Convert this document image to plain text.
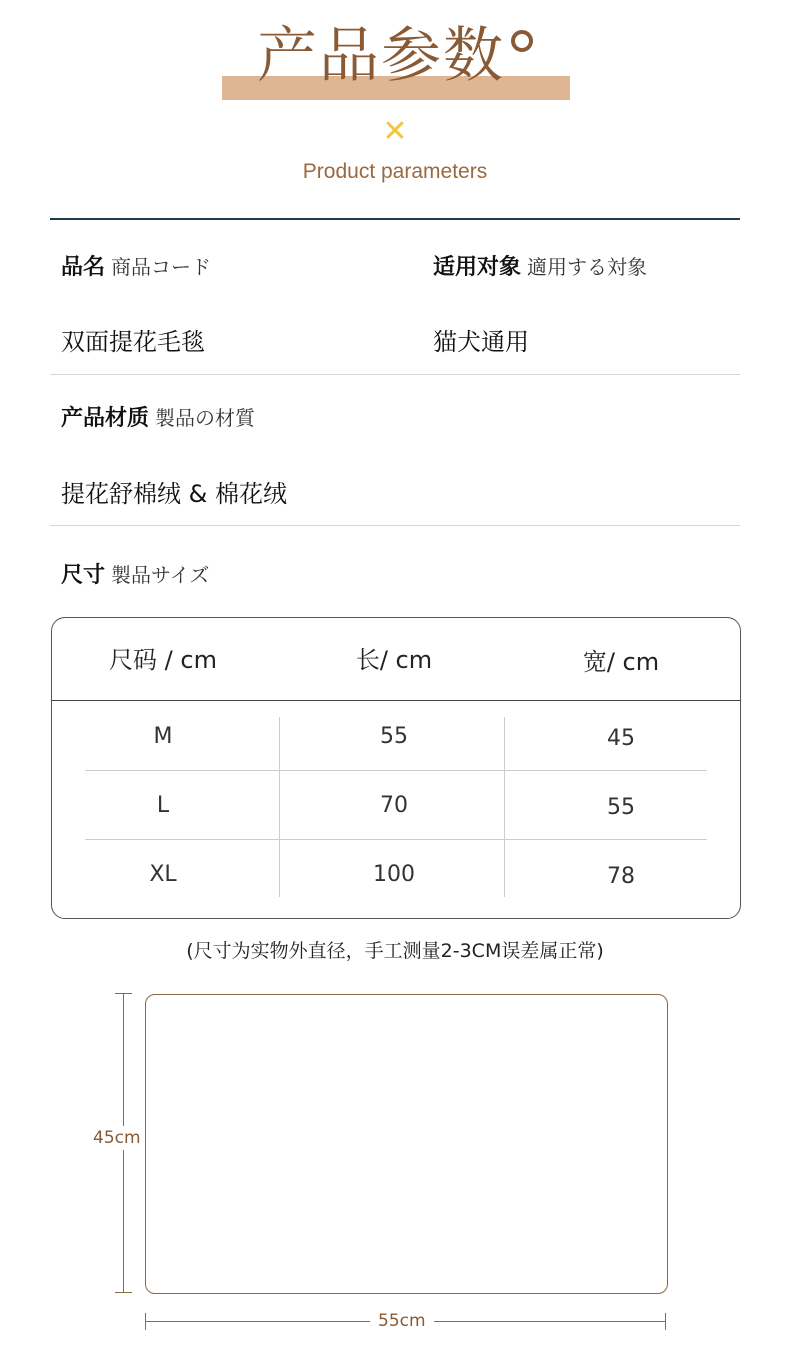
产品参数
✕
Product parameters
品名 商品コード	适用对象 適用する対象
双面提花毛毯	猫犬通用
产品材质 製品の材質
提花舒棉绒 & 棉花绒
尺寸 製品サイズ
尺码 / cm	长/ cm	宽/ cm
M	55	45
L	70	55
XL	100	78
(尺寸为实物外直径，手工测量2-3CM误差属正常)
45cm
55cm
